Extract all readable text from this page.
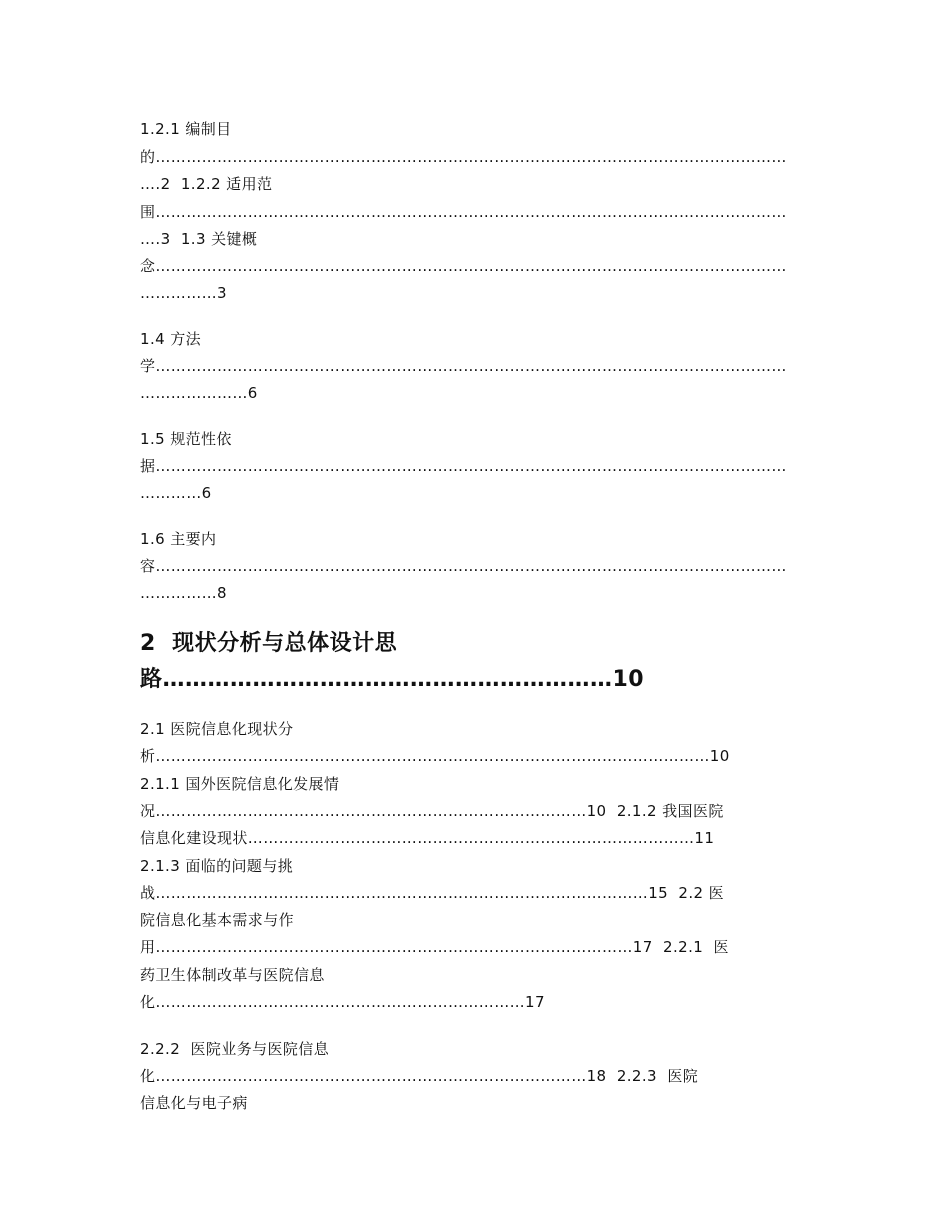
1.2.1 编制目
的……………………………………………………………………………………………………………
….2  1.2.2 适用范
围……………………………………………………………………………………………………………
….3  1.3 关键概
念……………………………………………………………………………………………………………
……………3
1.4 方法
学……………………………………………………………………………………………………………
…………………6
1.5 规范性依
据……………………………………………………………………………………………………………
…………6
1.6 主要内
容……………………………………………………………………………………………………………
……………8
2  现状分析与总体设计思
路……………………………………………………10
2.1 医院信息化现状分
析………………………………………………………………………………………………10
2.1.1 国外医院信息化发展情
况…………………………………………………………………………10  2.1.2 我国医院
信息化建设现状……………………………………………………………………………11
2.1.3 面临的问题与挑
战……………………………………………………………………………………15  2.2 医
院信息化基本需求与作
用…………………………………………………………………………………17  2.2.1  医
药卫生体制改革与医院信息
化………………………………………………………………17
2.2.2  医院业务与医院信息
化…………………………………………………………………………18  2.2.3  医院
信息化与电子病
